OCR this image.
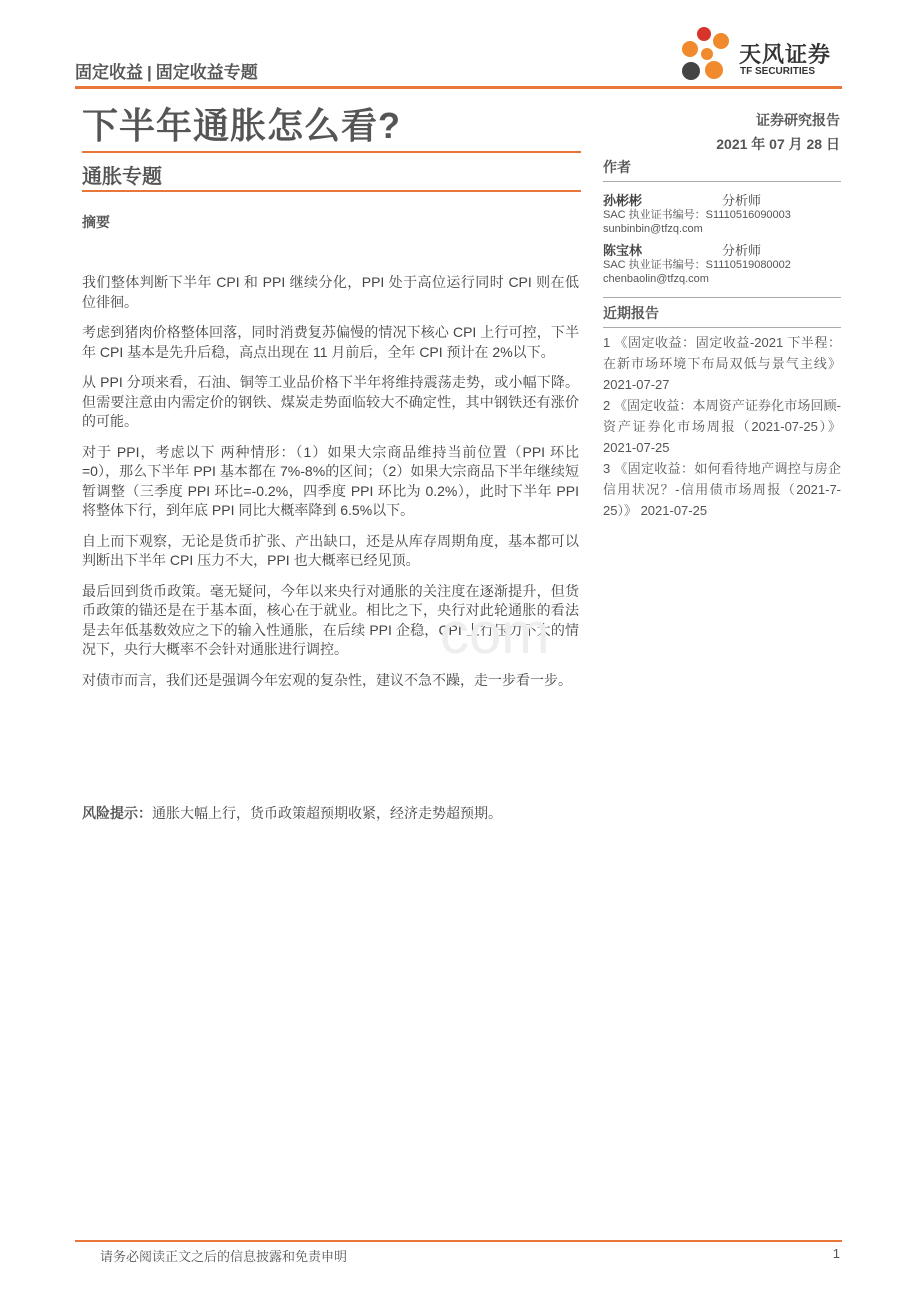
固定收益 | 固定收益专题
天风证券
TF SECURITIES
下半年通胀怎么看?	证券研究报告
2021 年 07 月 28 日
通胀专题
摘要

我们整体判断下半年 CPI 和 PPI 继续分化，PPI 处于高位运行同时 CPI 则在低位徘徊。

考虑到猪肉价格整体回落，同时消费复苏偏慢的情况下核心 CPI 上行可控，下半年 CPI 基本是先升后稳，高点出现在 11 月前后，全年 CPI 预计在 2%以下。

从 PPI 分项来看，石油、铜等工业品价格下半年将维持震荡走势，或小幅下降。但需要注意由内需定价的钢铁、煤炭走势面临较大不确定性，其中钢铁还有涨价的可能。

对于 PPI，考虑以下 两种情形：（1）如果大宗商品维持当前位置（PPI 环比=0），那么下半年 PPI 基本都在 7%-8%的区间；（2）如果大宗商品下半年继续短暂调整（三季度 PPI 环比=-0.2%，四季度 PPI 环比为 0.2%），此时下半年 PPI 将整体下行，到年底 PPI 同比大概率降到 6.5%以下。

自上而下观察，无论是货币扩张、产出缺口，还是从库存周期角度，基本都可以判断出下半年 CPI 压力不大，PPI 也大概率已经见顶。

最后回到货币政策。毫无疑问，今年以来央行对通胀的关注度在逐渐提升，但货币政策的锚还是在于基本面，核心在于就业。相比之下，央行对此轮通胀的看法是去年低基数效应之下的输入性通胀，在后续 PPI 企稳，CPI 上行压力不大的情况下，央行大概率不会针对通胀进行调控。

对债市而言，我们还是强调今年宏观的复杂性，建议不急不躁，走一步看一步。

风险提示：通胀大幅上行，货币政策超预期收紧，经济走势超预期。
作者
孙彬彬	分析师
SAC 执业证书编号：S1110516090003
sunbinbin@tfzq.com
陈宝林	分析师
SAC 执业证书编号：S1110519080002
chenbaolin@tfzq.com
近期报告
1 《固定收益：固定收益-2021 下半程：在新市场环境下布局双低与景气主线》 2021-07-27
2 《固定收益：本周资产证券化市场回顾-资产证券化市场周报（2021-07-25）》 2021-07-25
3 《固定收益：如何看待地产调控与房企信用状况？-信用债市场周报（2021-7-25）》 2021-07-25
com
请务必阅读正文之后的信息披露和免责申明	1
